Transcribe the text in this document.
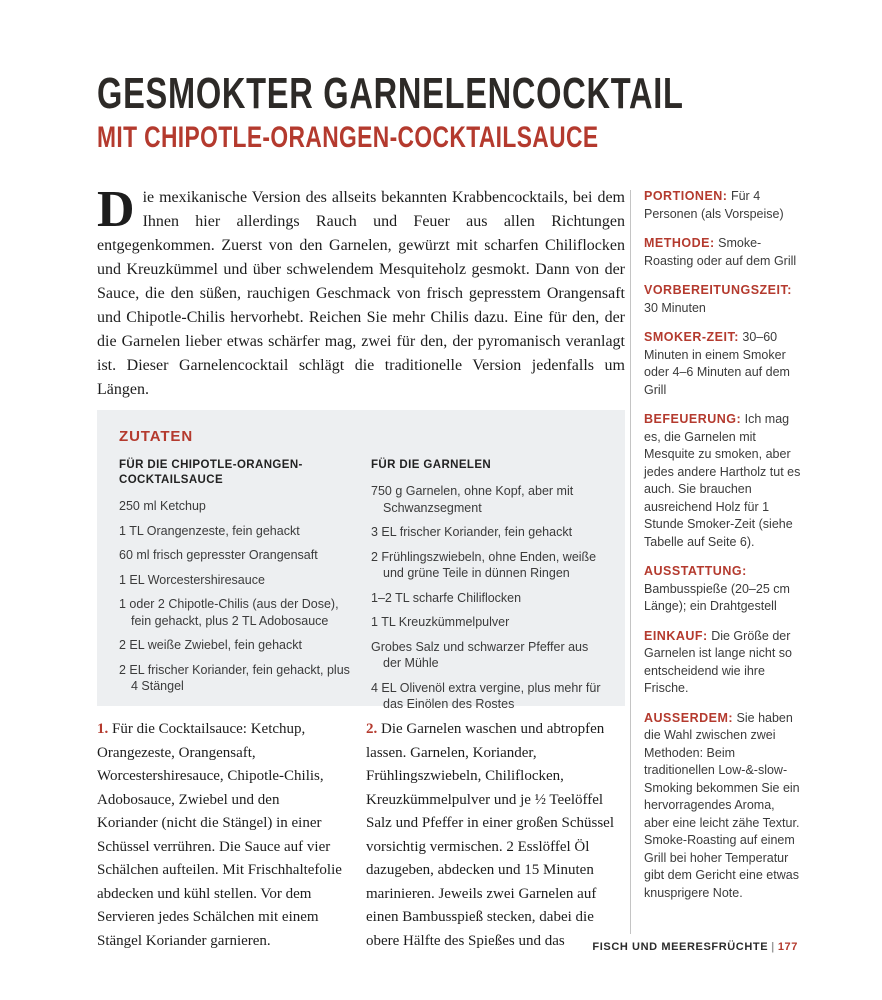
GESMOKTER GARNELENCOCKTAIL
MIT CHIPOTLE-ORANGEN-COCKTAILSAUCE
Die mexikanische Version des allseits bekannten Krabbencocktails, bei dem Ihnen hier allerdings Rauch und Feuer aus allen Richtungen entgegenkommen. Zuerst von den Garnelen, gewürzt mit scharfen Chiliflocken und Kreuzkümmel und über schwelendem Mesquiteholz gesmokt. Dann von der Sauce, die den süßen, rauchigen Geschmack von frisch gepresstem Orangensaft und Chipotle-Chilis hervorhebt. Reichen Sie mehr Chilis dazu. Eine für den, der die Garnelen lieber etwas schärfer mag, zwei für den, der pyromanisch veranlagt ist. Dieser Garnelencocktail schlägt die traditionelle Version jedenfalls um Längen.

PORTIONEN: Für 4 Personen (als Vorspeise)

METHODE: Smoke-Roasting oder auf dem Grill

VORBEREITUNGSZEIT: 30 Minuten

SMOKER-ZEIT: 30–60 Minuten in einem Smoker oder 4–6 Minuten auf dem Grill

BEFEUERUNG: Ich mag es, die Garnelen mit Mesquite zu smoken, aber jedes andere Hartholz tut es auch. Sie brauchen ausreichend Holz für 1 Stunde Smoker-Zeit (siehe Tabelle auf Seite 6).

AUSSTATTUNG: Bambusspieße (20–25 cm Länge); ein Drahtgestell

EINKAUF: Die Größe der Garnelen ist lange nicht so entscheidend wie ihre Frische.

AUSSERDEM: Sie haben die Wahl zwischen zwei Methoden: Beim traditionellen Low-&-slow-Smoking bekommen Sie ein hervorragendes Aroma, aber eine leicht zähe Textur. Smoke-Roasting auf einem Grill bei hoher Temperatur gibt dem Gericht eine etwas knusprigere Note.

ZUTATEN
FÜR DIE CHIPOTLE-ORANGEN-COCKTAILSAUCE

250 ml Ketchup

1 TL Orangenzeste, fein gehackt

60 ml frisch gepresster Orangensaft

1 EL Worcestershiresauce

1 oder 2 Chipotle-Chilis (aus der Dose), fein gehackt, plus 2 TL Adobosauce

2 EL weiße Zwiebel, fein gehackt

2 EL frischer Koriander, fein gehackt, plus 4 Stängel

FÜR DIE GARNELEN

750 g Garnelen, ohne Kopf, aber mit Schwanzsegment

3 EL frischer Koriander, fein gehackt

2 Frühlingszwiebeln, ohne Enden, weiße und grüne Teile in dünnen Ringen

1–2 TL scharfe Chiliflocken

1 TL Kreuzkümmelpulver

Grobes Salz und schwarzer Pfeffer aus der Mühle

4 EL Olivenöl extra vergine, plus mehr für das Einölen des Rostes

1. Für die Cocktailsauce: Ketchup, Orangezeste, Orangensaft, Worcestershiresauce, Chipotle-Chilis, Adobosauce, Zwiebel und den Koriander (nicht die Stängel) in einer Schüssel verrühren. Die Sauce auf vier Schälchen aufteilen. Mit Frischhaltefolie abdecken und kühl stellen. Vor dem Servieren jedes Schälchen mit einem Stängel Koriander garnieren.

2. Die Garnelen waschen und abtropfen lassen. Garnelen, Koriander, Frühlingszwiebeln, Chiliflocken, Kreuzkümmelpulver und je ½ Teelöffel Salz und Pfeffer in einer großen Schüssel vorsichtig vermischen. 2 Esslöffel Öl dazugeben, abdecken und 15 Minuten marinieren. Jeweils zwei Garnelen auf einen Bambusspieß stecken, dabei die obere Hälfte des Spießes und das	FISCH UND MEERESFRÜCHTE | 177
